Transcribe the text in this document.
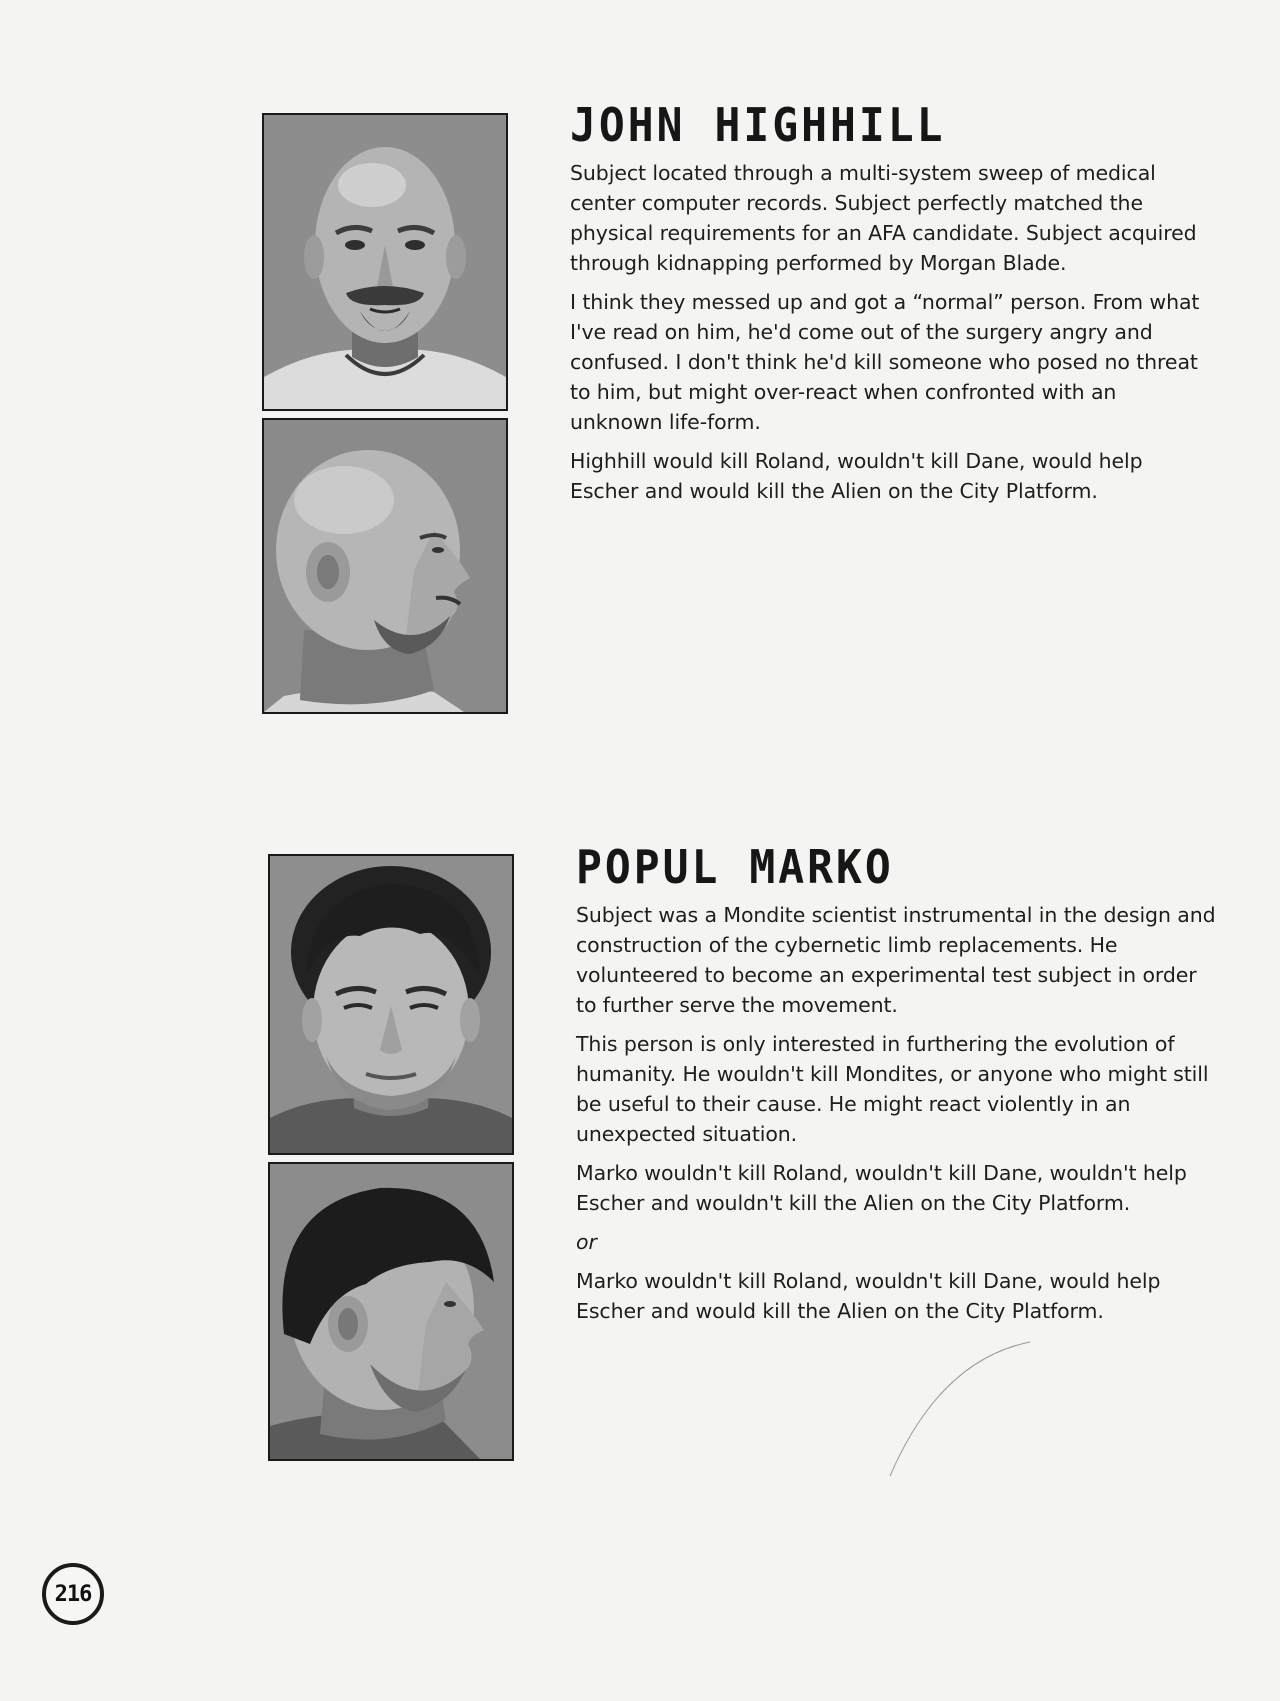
JOHN HIGHHILL

Subject located through a multi-system sweep of medical center computer records. Subject perfectly matched the physical requirements for an AFA candidate. Subject acquired through kidnapping performed by Morgan Blade.

I think they messed up and got a “normal” person. From what I've read on him, he'd come out of the surgery angry and confused. I don't think he'd kill someone who posed no threat to him, but might over-react when confronted with an unknown life-form.

Highhill would kill Roland, wouldn't kill Dane, would help Escher and would kill the Alien on the City Platform.

POPUL MARKO

Subject was a Mondite scientist instrumental in the design and construction of the cybernetic limb replacements. He volunteered to become an experimental test subject in order to further serve the movement.

This person is only interested in furthering the evolution of humanity. He wouldn't kill Mondites, or anyone who might still be useful to their cause. He might react violently in an unexpected situation.

Marko wouldn't kill Roland, wouldn't kill Dane, wouldn't help Escher and wouldn't kill the Alien on the City Platform.

or

Marko wouldn't kill Roland, wouldn't kill Dane, would help Escher and would kill the Alien on the City Platform.

216
